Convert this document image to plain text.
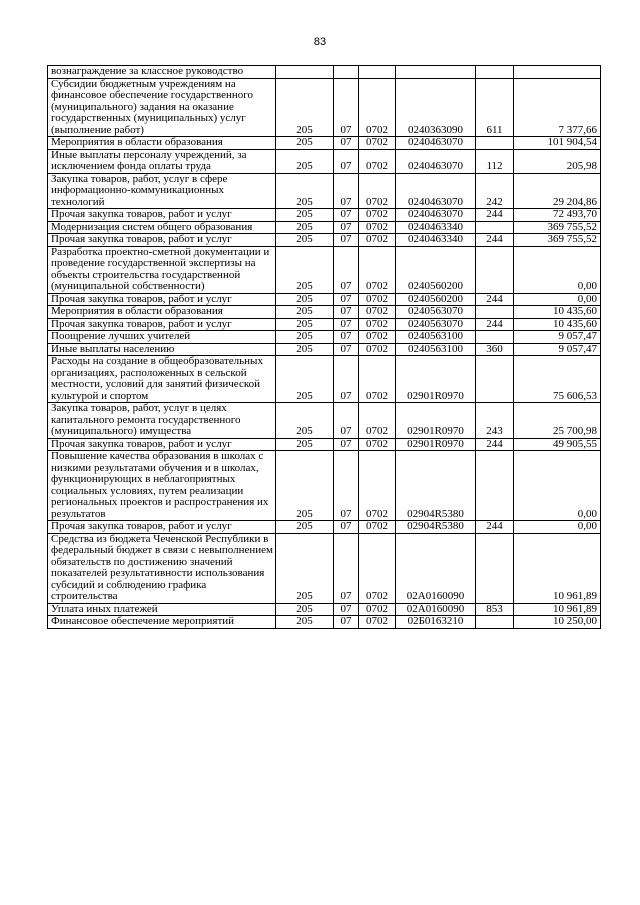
83
вознаграждение за классное руководство						
Субсидии бюджетным учреждениям на финансовое обеспечение государственного (муниципального) задания на оказание государственных (муниципальных) услуг (выполнение работ)	205	07	0702	0240363090	611	7 377,66
Мероприятия в области образования	205	07	0702	0240463070		101 904,54
Иные выплаты персоналу учреждений, за исключением фонда оплаты труда	205	07	0702	0240463070	112	205,98
Закупка товаров, работ, услуг в сфере информационно-коммуникационных технологий	205	07	0702	0240463070	242	29 204,86
Прочая закупка товаров, работ и услуг	205	07	0702	0240463070	244	72 493,70
Модернизация систем общего образования	205	07	0702	0240463340		369 755,52
Прочая закупка товаров, работ и услуг	205	07	0702	0240463340	244	369 755,52
Разработка проектно-сметной документации и проведение государственной экспертизы на объекты строительства государственной (муниципальной собственности)	205	07	0702	0240560200		0,00
Прочая закупка товаров, работ и услуг	205	07	0702	0240560200	244	0,00
Мероприятия в области образования	205	07	0702	0240563070		10 435,60
Прочая закупка товаров, работ и услуг	205	07	0702	0240563070	244	10 435,60
Поощрение лучших учителей	205	07	0702	0240563100		9 057,47
Иные выплаты населению	205	07	0702	0240563100	360	9 057,47
Расходы на создание в общеобразовательных организациях, расположенных в сельской местности, условий для занятий физической культурой и спортом	205	07	0702	02901R0970		75 606,53
Закупка товаров, работ, услуг в целях капитального ремонта государственного (муниципального) имущества	205	07	0702	02901R0970	243	25 700,98
Прочая закупка товаров, работ и услуг	205	07	0702	02901R0970	244	49 905,55
Повышение качества образования в школах с низкими результатами обучения и в школах, функционирующих в неблагоприятных социальных условиях, путем реализации региональных проектов и распространения их результатов	205	07	0702	02904R5380		0,00
Прочая закупка товаров, работ и услуг	205	07	0702	02904R5380	244	0,00
Средства из бюджета Чеченской Республики в федеральный бюджет в связи с невыполнением обязательств по достижению значений показателей результативности использования субсидий и соблюдению графика строительства	205	07	0702	02А0160090		10 961,89
Уплата иных платежей	205	07	0702	02А0160090	853	10 961,89
Финансовое обеспечение мероприятий	205	07	0702	02Б0163210		10 250,00
